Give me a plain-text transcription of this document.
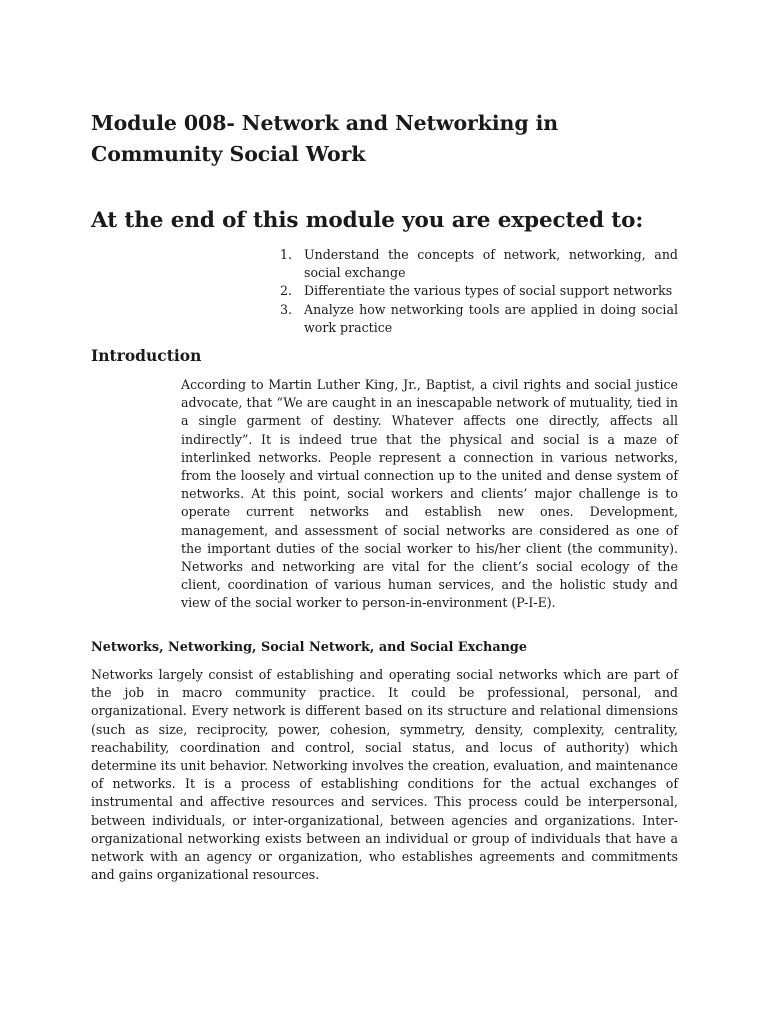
Module 008- Network and Networking in Community Social Work
At the end of this module you are expected to:
1. Understand the concepts of network, networking, and social exchange
2. Differentiate the various types of social support networks
3. Analyze how networking tools are applied in doing social work practice
Introduction

According to Martin Luther King, Jr., Baptist, a civil rights and social justice advocate, that “We are caught in an inescapable network of mutuality, tied in a single garment of destiny. Whatever affects one directly, affects all indirectly”. It is indeed true that the physical and social is a maze of interlinked networks. People represent a connection in various networks, from the loosely and virtual connection up to the united and dense system of networks. At this point, social workers and clients’ major challenge is to operate current networks and establish new ones. Development, management, and assessment of social networks are considered as one of the important duties of the social worker to his/her client (the community). Networks and networking are vital for the client’s social ecology of the client, coordination of various human services, and the holistic study and view of the social worker to person-in-environment (P-I-E).

Networks, Networking, Social Network, and Social Exchange

Networks largely consist of establishing and operating social networks which are part of the job in macro community practice. It could be professional, personal, and organizational. Every network is different based on its structure and relational dimensions (such as size, reciprocity, power, cohesion, symmetry, density, complexity, centrality, reachability, coordination and control, social status, and locus of authority) which determine its unit behavior. Networking involves the creation, evaluation, and maintenance of networks. It is a process of establishing conditions for the actual exchanges of instrumental and affective resources and services. This process could be interpersonal, between individuals, or inter-organizational, between agencies and organizations. Inter-organizational networking exists between an individual or group of individuals that have a network with an agency or organization, who establishes agreements and commitments and gains organizational resources.
